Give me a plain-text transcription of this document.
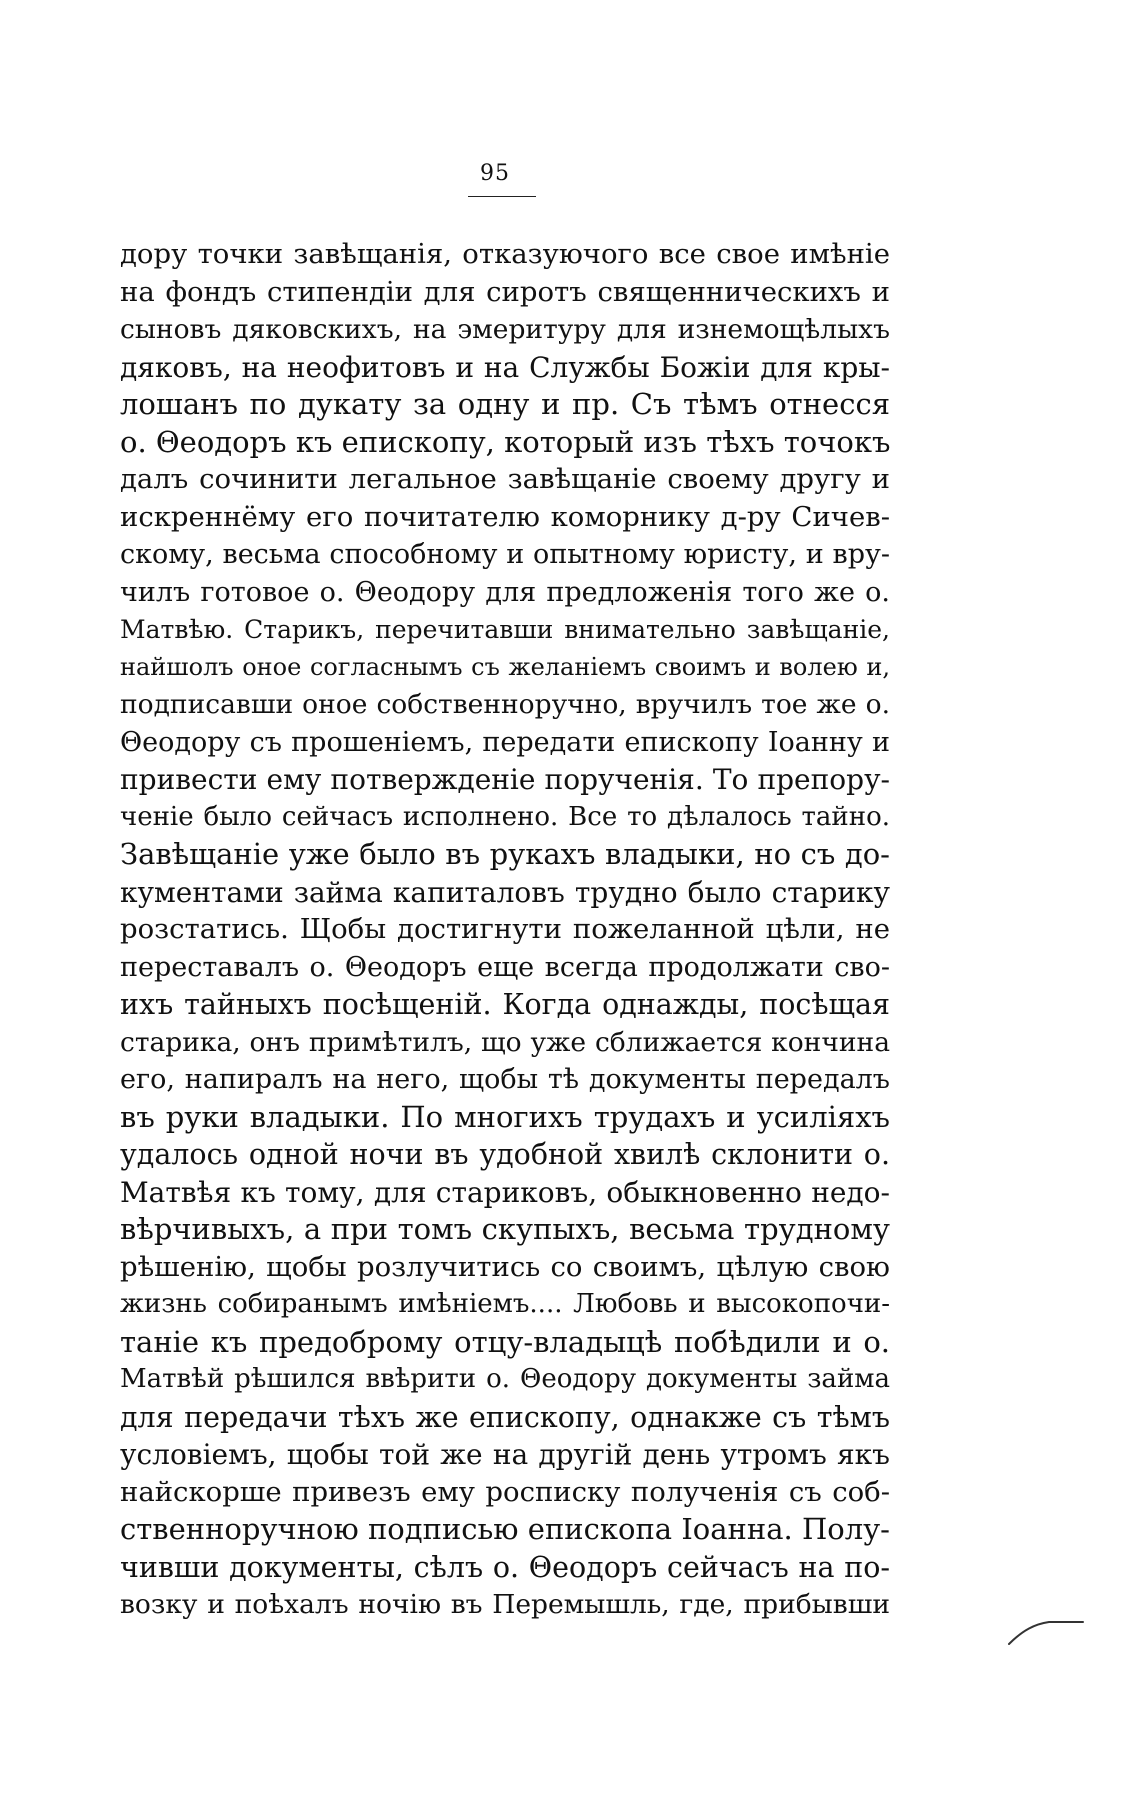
95
дору точки завѣщанія, отказуючого все свое имѣніе
на фондъ стипендіи для сиротъ священническихъ и
сыновъ дяковскихъ, на эмеритуру для изнемощѣлыхъ
дяковъ, на неофитовъ и на Службы Божіи для кры-
лошанъ по дукату за одну и пр. Съ тѣмъ отнесся
о. Θеодоръ къ епископу, который изъ тѣхъ точокъ
далъ сочинити легальное завѣщаніе своему другу и
искреннёму его почитателю коморнику д-ру Сичев-
скому, весьма способному и опытному юристу, и вру-
чилъ готовое о. Θеодору для предложенія того же о.
Матвѣю. Старикъ, перечитавши внимательно завѣщаніе,
найшолъ оное согласнымъ съ желаніемъ своимъ и волею и,
подписавши оное собственноручно, вручилъ тое же о.
Θеодору съ прошеніемъ, передати епископу Іоанну и
привести ему потвержденіе порученія. То препору-
ченіе было сейчасъ исполнено. Все то дѣлалось тайно.
Завѣщаніе уже было въ рукахъ владыки, но съ до-
кументами займа капиталовъ трудно было старику
розстатись. Щобы достигнути пожеланной цѣли, не
переставалъ о. Θеодоръ еще всегда продолжати сво-
ихъ тайныхъ посѣщеній. Когда однажды, посѣщая
старика, онъ примѣтилъ, що уже сближается кончина
его, напиралъ на него, щобы тѣ документы передалъ
въ руки владыки. По многихъ трудахъ и усиліяхъ
удалось одной ночи въ удобной хвилѣ склонити о.
Матвѣя къ тому, для стариковъ, обыкновенно недо-
вѣрчивыхъ, а при томъ скупыхъ, весьма трудному
рѣшенію, щобы розлучитись со своимъ, цѣлую свою
жизнь собиранымъ имѣніемъ.... Любовь и высокопочи-
таніе къ предоброму отцу-владыцѣ побѣдили и о.
Матвѣй рѣшился ввѣрити о. Θеодору документы займа
для передачи тѣхъ же епископу, однакже съ тѣмъ
условіемъ, щобы той же на другій день утромъ якъ
найскорше привезъ ему росписку полученія съ соб-
ственноручною подписью епископа Іоанна. Полу-
чивши документы, сѣлъ о. Θеодоръ сейчасъ на по-
возку и поѣхалъ ночію въ Перемышль, где, прибывши
